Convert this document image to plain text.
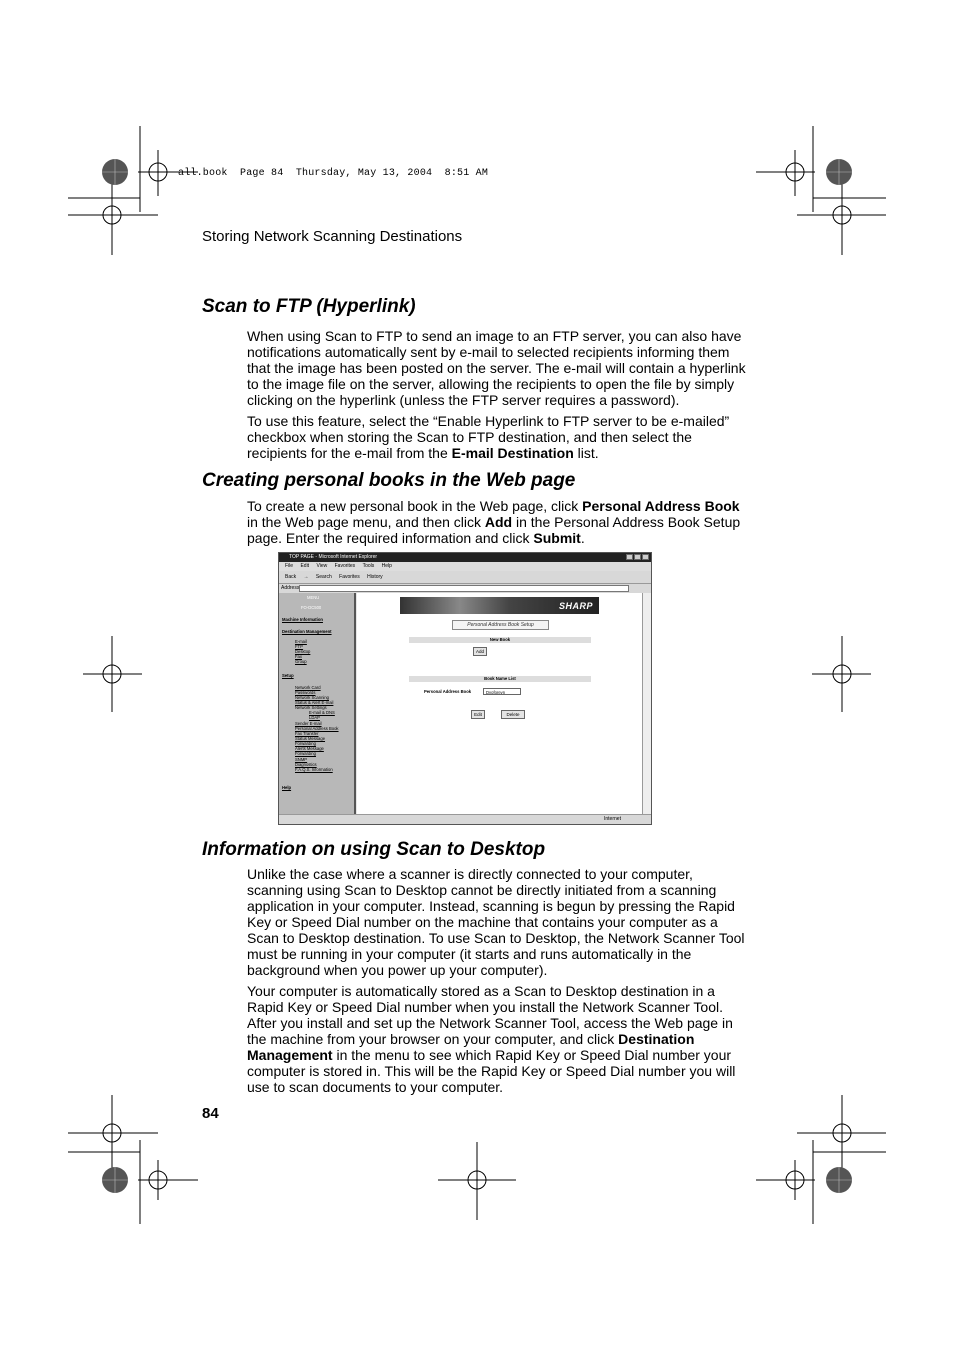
all.book  Page 84  Thursday, May 13, 2004  8:51 AM
Storing Network Scanning Destinations
Scan to FTP (Hyperlink)

When using Scan to FTP to send an image to an FTP server, you can also have notifications automatically sent by e-mail to selected recipients informing them that the image has been posted on the server. The e-mail will contain a hyperlink to the image file on the server, allowing the recipients to open the file by simply clicking on the hyperlink (unless the FTP server requires a password).

To use this feature, select the “Enable Hyperlink to FTP server to be e-mailed” checkbox when storing the Scan to FTP destination, and then select the recipients for the e-mail from the E-mail Destination list.

Creating personal books in the Web page

To create a new personal book in the Web page, click Personal Address Book in the Web page menu, and then click Add in the Personal Address Book Setup page. Enter the required information and click Submit.

TOP PAGE - Microsoft Internet Explorer
File Edit View Favorites Tools Help
Back → Search Favorites History
Address
MENU
FO-DC500
Machine Information
Destination Management
E-mail
FTP
Desktop
Fax
Group
Setup
Network Card
Passwords
Network Scanning
Status & Alert E-mail
Network Settings
E-mail & DNS
LDAP
Sender E-mail
Personal Address Book
Fax Transfer
Status Message
Forwarding
Alerts Message
Forwarding
SNMP
Diagnostics
F.A.Q.S. Information
Help
SHARP
Personal Address Book Setup
New Book
Add
Book Name List
Personal Address Book	Dvoforevn
Edit	Delete
Internet
Information on using Scan to Desktop

Unlike the case where a scanner is directly connected to your computer, scanning using Scan to Desktop cannot be directly initiated from a scanning application in your computer. Instead, scanning is begun by pressing the Rapid Key or Speed Dial number on the machine that contains your computer as a Scan to Desktop destination. To use Scan to Desktop, the Network Scanner Tool must be running in your computer (it starts and runs automatically in the background when you power up your computer).

Your computer is automatically stored as a Scan to Desktop destination in a Rapid Key or Speed Dial number when you install the Network Scanner Tool. After you install and set up the Network Scanner Tool, access the Web page in the machine from your browser on your computer, and click Destination Management in the menu to see which Rapid Key or Speed Dial number your computer is stored in. This will be the Rapid Key or Speed Dial number you will use to scan documents to your computer.

84
